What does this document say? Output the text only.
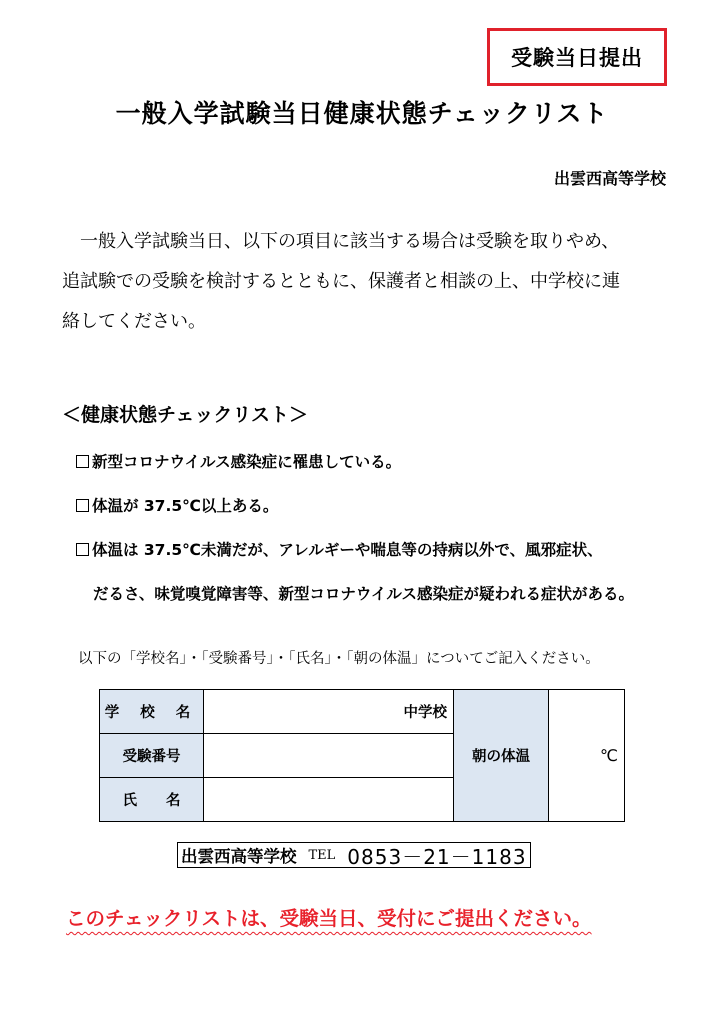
受験当日提出
一般入学試験当日健康状態チェックリスト
出雲西高等学校
一般入学試験当日、以下の項目に該当する場合は受験を取りやめ、
追試験での受験を検討するとともに、保護者と相談の上、中学校に連
絡してください。
＜健康状態チェックリスト＞
新型コロナウイルス感染症に罹患している。
体温が 37.5℃以上ある。
体温は 37.5℃未満だが、アレルギーや喘息等の持病以外で、風邪症状、
だるさ、味覚嗅覚障害等、新型コロナウイルス感染症が疑われる症状がある。
以下の「学校名」・「受験番号」・「氏名」・「朝の体温」についてご記入ください。
学 校 名	中学校	朝の体温	℃
受験番号			
氏　　名			
出雲西高等学校 TEL 0853－21－1183
このチェックリストは、受験当日、受付にご提出ください。
